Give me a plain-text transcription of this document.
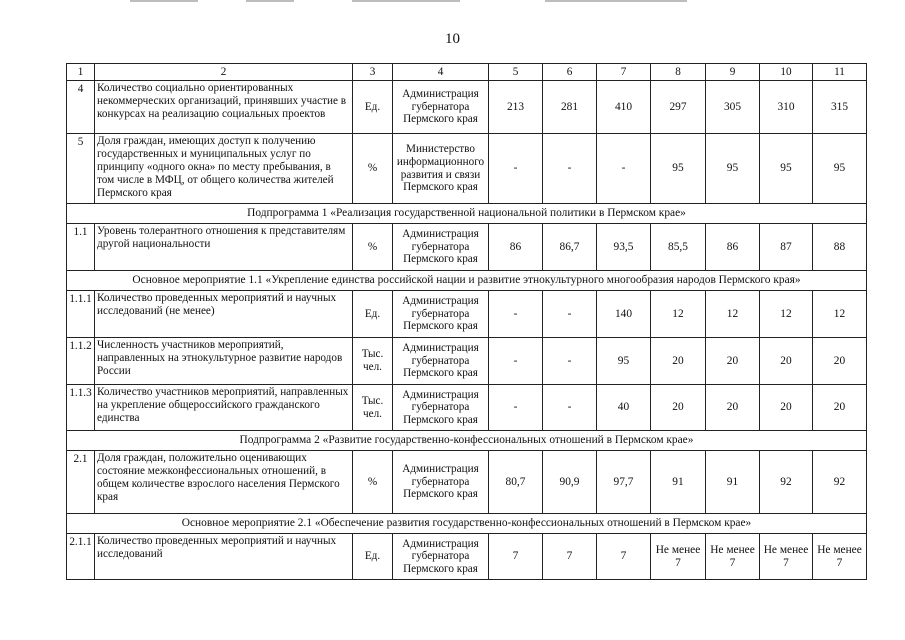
10
1	2	3	4	5	6	7	8	9	10	11
4	Количество социально ориентированных некоммерческих организаций, принявших участие в конкурсах на реализацию социальных проектов	Ед.	Администрация губернатора Пермского края	213	281	410	297	305	310	315
5	Доля граждан, имеющих доступ к получению государственных и муниципальных услуг по принципу «одного окна» по месту пребывания, в том числе в МФЦ, от общего количества жителей Пермского края	%	Министерство информационного развития и связи Пермского края	-	-	-	95	95	95	95
Подпрограмма 1 «Реализация государственной национальной политики в Пермском крае»										
1.1	Уровень толерантного отношения к представителям другой национальности	%	Администрация губернатора Пермского края	86	86,7	93,5	85,5	86	87	88
Основное мероприятие 1.1 «Укрепление единства российской нации и развитие этнокультурного многообразия народов Пермского края»										
1.1.1	Количество проведенных мероприятий и научных исследований (не менее)	Ед.	Администрация губернатора Пермского края	-	-	140	12	12	12	12
1.1.2	Численность участников мероприятий, направленных на этнокультурное развитие народов России	Тыс. чел.	Администрация губернатора Пермского края	-	-	95	20	20	20	20
1.1.3	Количество участников мероприятий, направленных на укрепление общероссийского гражданского единства	Тыс. чел.	Администрация губернатора Пермского края	-	-	40	20	20	20	20
Подпрограмма 2 «Развитие государственно-конфессиональных отношений в Пермском крае»										
2.1	Доля граждан, положительно оценивающих состояние межконфессиональных отношений, в общем количестве взрослого населения Пермского края	%	Администрация губернатора Пермского края	80,7	90,9	97,7	91	91	92	92
Основное мероприятие 2.1 «Обеспечение развития государственно-конфессиональных отношений в Пермском крае»										
2.1.1	Количество проведенных мероприятий и научных исследований	Ед.	Администрация губернатора Пермского края	7	7	7	Не менее 7	Не менее 7	Не менее 7	Не менее 7
